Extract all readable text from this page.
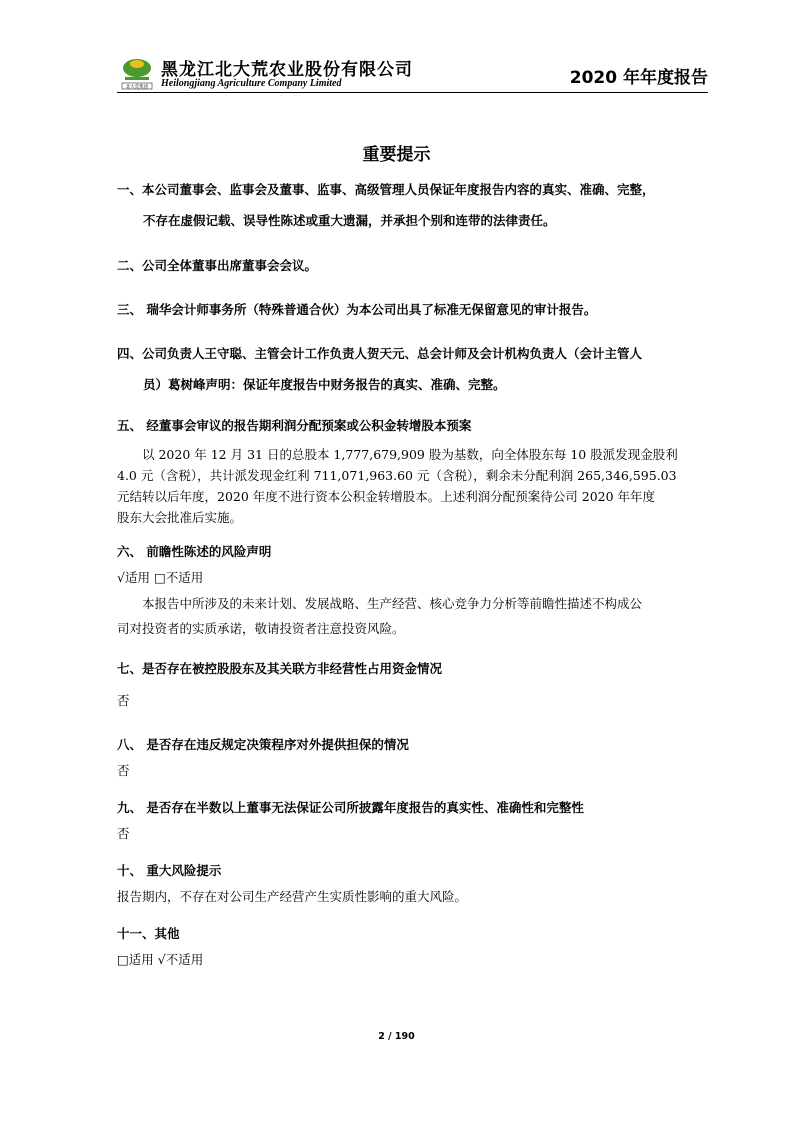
北大荒集团
黑龙江北大荒农业股份有限公司
Heilongjiang Agriculture Company Limited	2020 年年度报告
重要提示
一、本公司董事会、监事会及董事、监事、高级管理人员保证年度报告内容的真实、准确、完整，
不存在虚假记载、误导性陈述或重大遗漏，并承担个别和连带的法律责任。
二、公司全体董事出席董事会会议。
三、 瑞华会计师事务所（特殊普通合伙）为本公司出具了标准无保留意见的审计报告。
四、公司负责人王守聪、主管会计工作负责人贺天元、总会计师及会计机构负责人（会计主管人
员）葛树峰声明：保证年度报告中财务报告的真实、准确、完整。
五、 经董事会审议的报告期利润分配预案或公积金转增股本预案
以 2020 年 12 月 31 日的总股本 1,777,679,909 股为基数，向全体股东每 10 股派发现金股利
4.0 元（含税），共计派发现金红利 711,071,963.60 元（含税），剩余未分配利润 265,346,595.03
元结转以后年度，2020 年度不进行资本公积金转增股本。上述利润分配预案待公司 2020 年年度
股东大会批准后实施。
六、 前瞻性陈述的风险声明
√适用 □不适用
本报告中所涉及的未来计划、发展战略、生产经营、核心竞争力分析等前瞻性描述不构成公
司对投资者的实质承诺，敬请投资者注意投资风险。
七、是否存在被控股股东及其关联方非经营性占用资金情况
否
八、 是否存在违反规定决策程序对外提供担保的情况
否
九、 是否存在半数以上董事无法保证公司所披露年度报告的真实性、准确性和完整性
否
十、 重大风险提示
报告期内，不存在对公司生产经营产生实质性影响的重大风险。
十一、其他
□适用 √不适用
2 / 190
